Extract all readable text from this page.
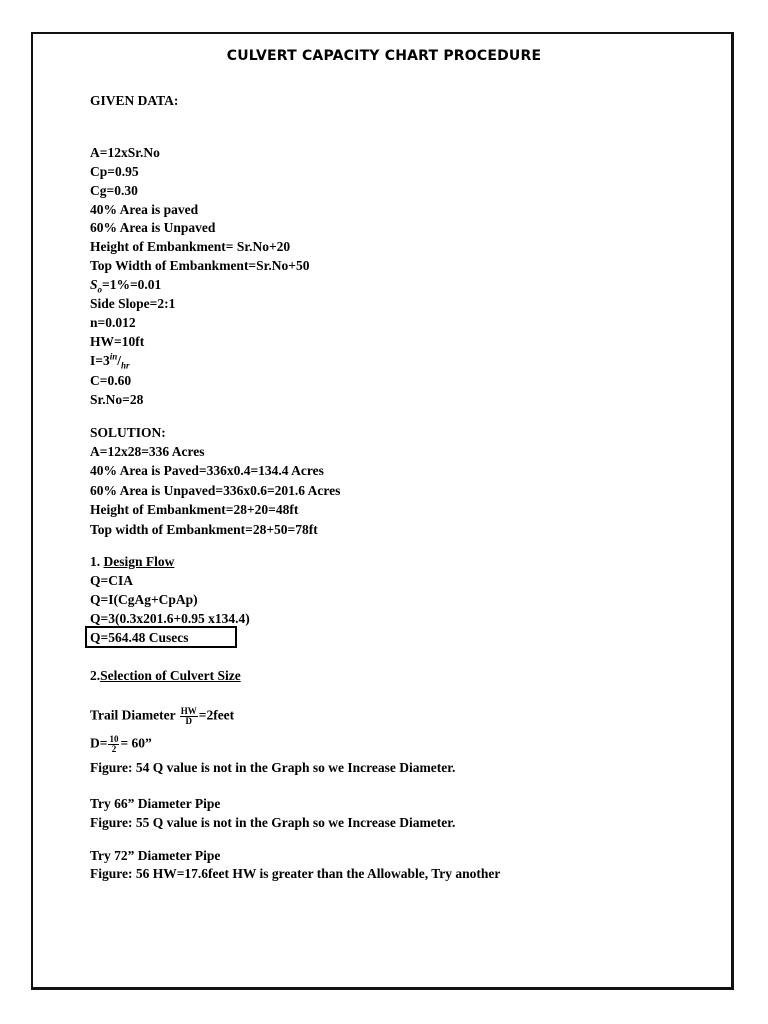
CULVERT CAPACITY CHART PROCEDURE
GIVEN DATA:
A=12xSr.No
Cp=0.95
Cg=0.30
40% Area is paved
60% Area is Unpaved
Height of Embankment= Sr.No+20
Top Width of Embankment=Sr.No+50
$S_o=1\%=0.01$
Side Slope=2:1
n=0.012
HW=10ft
$I=3^{in}/_{hr}$
C=0.60
Sr.No=28
SOLUTION:
A=12x28=336 Acres
40% Area is Paved=336x0.4=134.4 Acres
60% Area is Unpaved=336x0.6=201.6 Acres
Height of Embankment=28+20=48ft
Top width of Embankment=28+50=78ft
1. Design Flow
Q=CIA
Q=I(CgAg+CpAp)
Q=3(0.3x201.6+0.95 x134.4)
Q=564.48 Cusecs
2.Selection of Culvert Size
Trail Diameter $\frac{HW}{D}$ =2feet
$D= \frac{10}{2} = 60$”
Figure: 54 Q value is not in the Graph so we Increase Diameter.
Try 66” Diameter Pipe
Figure: 55 Q value is not in the Graph so we Increase Diameter.
Try 72” Diameter Pipe
Figure: 56 HW=17.6feet HW is greater than the Allowable, Try another
